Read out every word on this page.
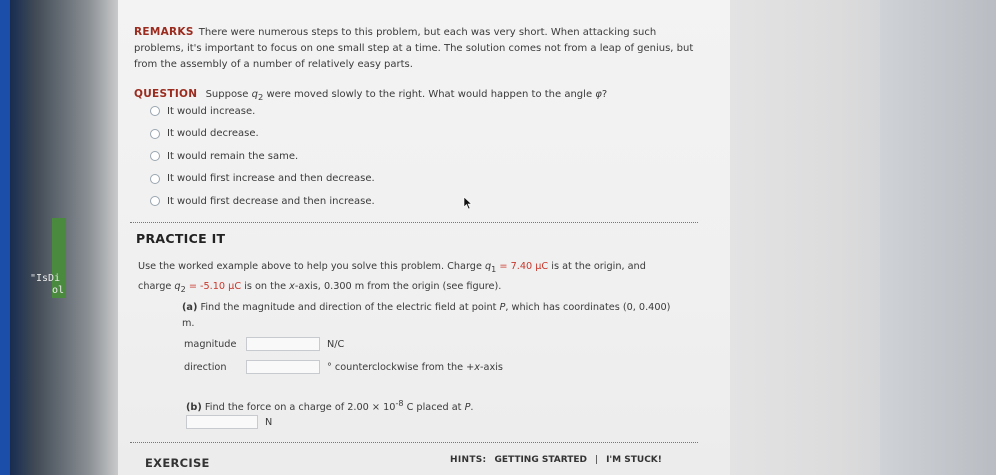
"IsDi
ol
REMARKS There were numerous steps to this problem, but each was very short. When attacking such problems, it's important to focus on one small step at a time. The solution comes not from a leap of genius, but from the assembly of a number of relatively easy parts.
QUESTION Suppose $q_2$ were moved slowly to the right. What would happen to the angle φ?
It would increase.
It would decrease.
It would remain the same.
It would first increase and then decrease.
It would first decrease and then increase.
PRACTICE IT
Use the worked example above to help you solve this problem. Charge $q_1 = 7.40$ μC is at the origin, and
charge $q_2 = -5.10$ μC is on the x-axis, 0.300 m from the origin (see figure).
(a) Find the magnitude and direction of the electric field at point P, which has coordinates (0, 0.400) m.
magnitude	N/C
direction	° counterclockwise from the +x-axis
(b) Find the force on a charge of $2.00 \times 10^{-8}$ C placed at P.
N
EXERCISE	HINTS: GETTING STARTED | I'M STUCK!
